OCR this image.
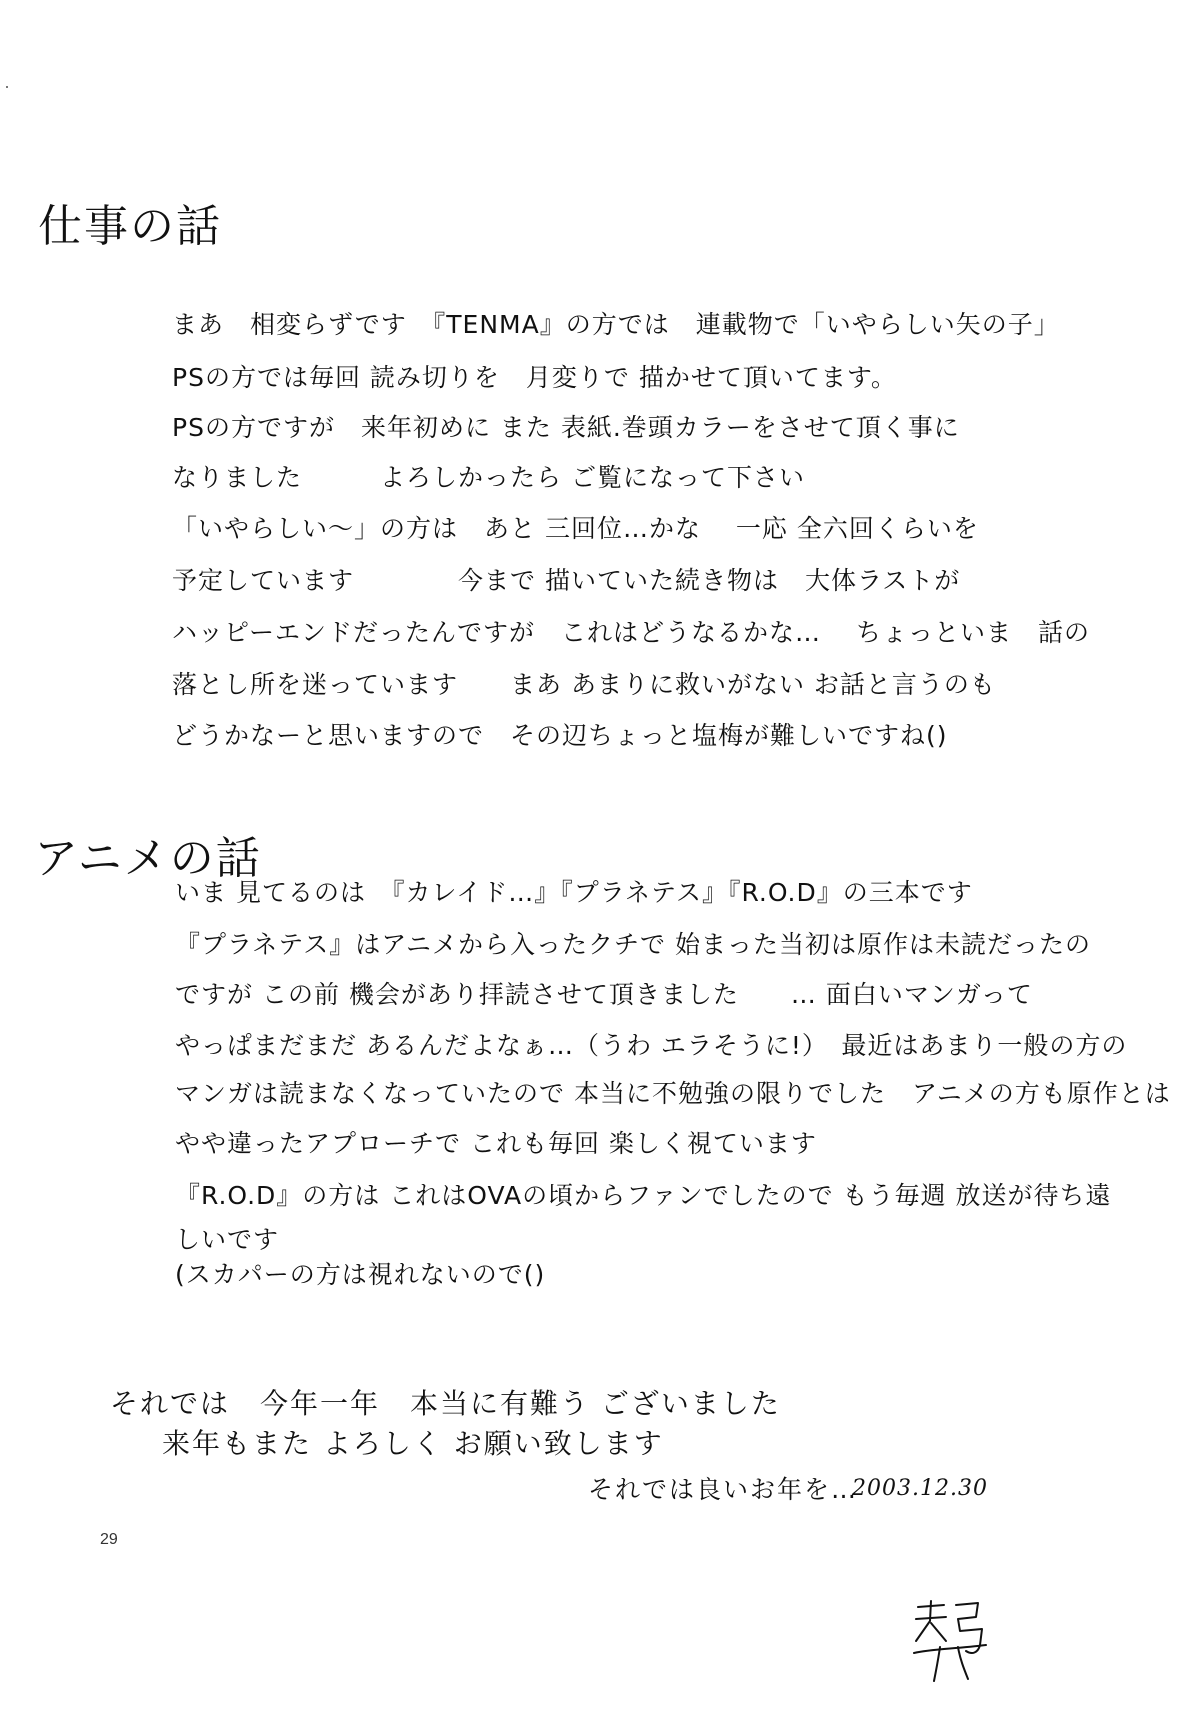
仕事の話
まあ　相変らずです　『TENMA』の方では　連載物で「いやらしい矢の子」
PSの方では毎回 読み切りを　月変りで 描かせて頂いてます。
PSの方ですが　来年初めに また 表紙.巻頭カラーをさせて頂く事に
なりました　　　よろしかったら ご覧になって下さい
「いやらしい〜」の方は　あと 三回位…かな　 一応 全六回くらいを
予定しています　　　　今まで 描いていた続き物は　大体ラストが
ハッピーエンドだったんですが　これはどうなるかな…　 ちょっといま　話の
落とし所を迷っています　　まあ あまりに救いがない お話と言うのも
どうかなーと思いますので　その辺ちょっと塩梅が難しいですね()
アニメの話
いま 見てるのは　『カレイド…』『プラネテス』『R.O.D』の三本です
『プラネテス』はアニメから入ったクチで 始まった当初は原作は未読だったの
ですが この前 機会があり拝読させて頂きました　　… 面白いマンガって
やっぱまだまだ あるんだよなぁ…（うわ エラそうに!）　最近はあまり一般の方の
マンガは読まなくなっていたので 本当に不勉強の限りでした　アニメの方も原作とは
やや違ったアプローチで これも毎回 楽しく視ています
『R.O.D』の方は これはOVAの頃からファンでしたので もう毎週 放送が待ち遠
しいです
(スカパーの方は視れないので()
それでは　今年一年　本当に有難う ございました
来年もまた よろしく お願い致します
それでは良いお年を…
2003.12.30
29
